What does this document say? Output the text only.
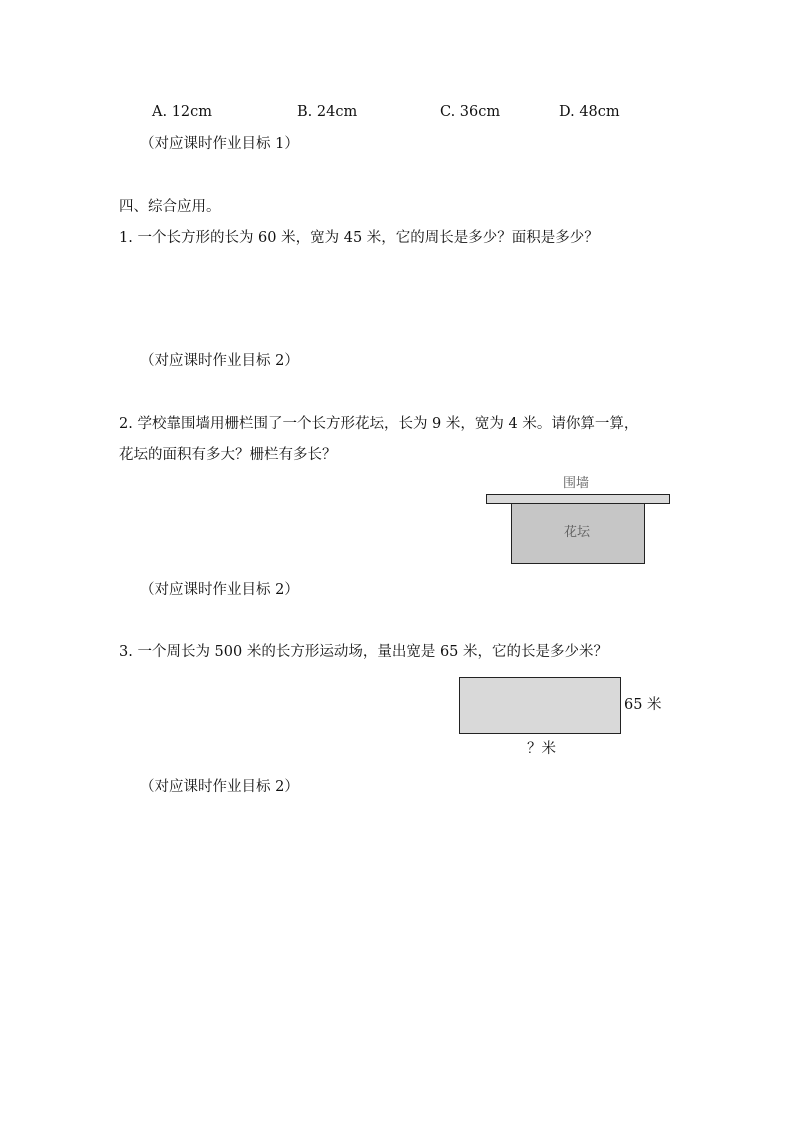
A. 12cm	B. 24cm	C. 36cm	D. 48cm
（对应课时作业目标 1）
四、综合应用。
1. 一个长方形的长为 60 米，宽为 45 米，它的周长是多少？面积是多少？
（对应课时作业目标 2）
2. 学校靠围墙用栅栏围了一个长方形花坛，长为 9 米，宽为 4 米。请你算一算，
花坛的面积有多大？栅栏有多长？
围墙
花坛
（对应课时作业目标 2）
3. 一个周长为 500 米的长方形运动场，量出宽是 65 米，它的长是多少米？
65 米
？米
（对应课时作业目标 2）
